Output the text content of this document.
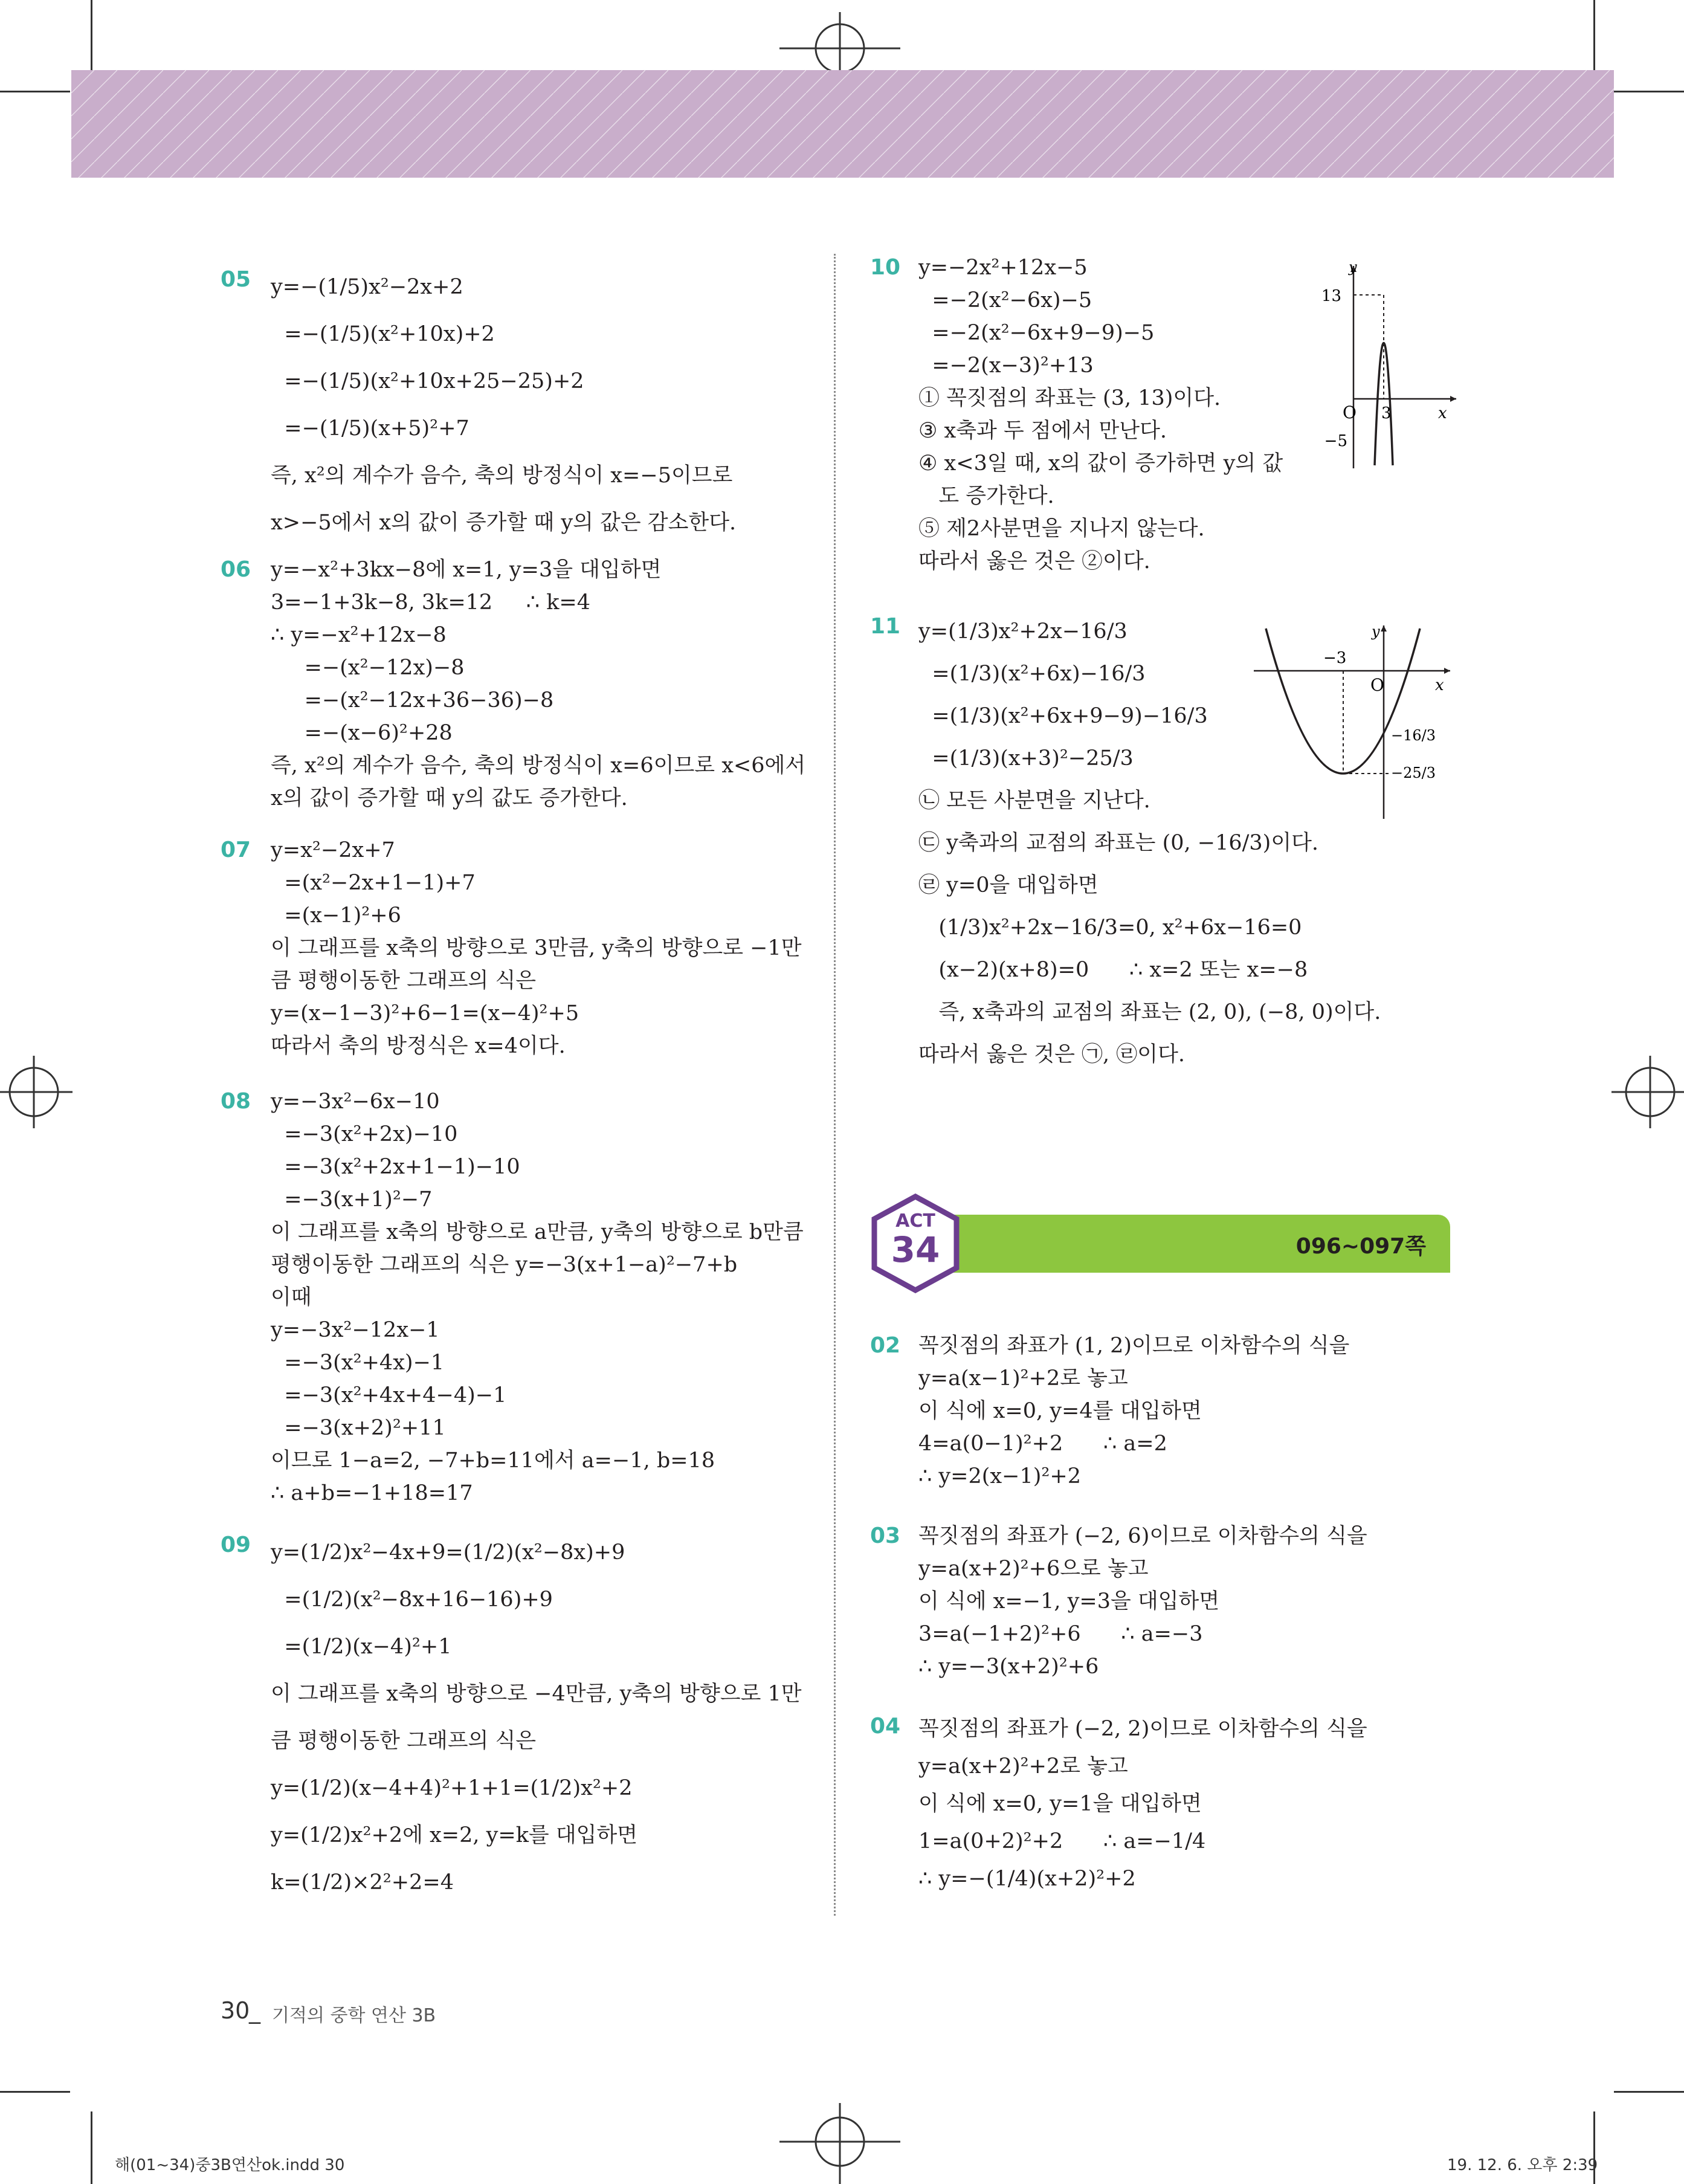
05 y=−(1/5)x²−2x+2
=−(1/5)(x²+10x)+2
=−(1/5)(x²+10x+25−25)+2
=−(1/5)(x+5)²+7
즉, x²의 계수가 음수, 축의 방정식이 x=−5이므로
x>−5에서 x의 값이 증가할 때 y의 값은 감소한다.
06 y=−x²+3kx−8에 x=1, y=3을 대입하면
3=−1+3k−8, 3k=12     ∴ k=4
∴ y=−x²+12x−8
=−(x²−12x)−8
=−(x²−12x+36−36)−8
=−(x−6)²+28
즉, x²의 계수가 음수, 축의 방정식이 x=6이므로 x<6에서
x의 값이 증가할 때 y의 값도 증가한다.
07 y=x²−2x+7
=(x²−2x+1−1)+7
=(x−1)²+6
이 그래프를 x축의 방향으로 3만큼, y축의 방향으로 −1만
큼 평행이동한 그래프의 식은
y=(x−1−3)²+6−1=(x−4)²+5
따라서 축의 방정식은 x=4이다.
08 y=−3x²−6x−10
=−3(x²+2x)−10
=−3(x²+2x+1−1)−10
=−3(x+1)²−7
이 그래프를 x축의 방향으로 a만큼, y축의 방향으로 b만큼
평행이동한 그래프의 식은 y=−3(x+1−a)²−7+b
이때
y=−3x²−12x−1
=−3(x²+4x)−1
=−3(x²+4x+4−4)−1
=−3(x+2)²+11
이므로 1−a=2, −7+b=11에서 a=−1, b=18
∴ a+b=−1+18=17
09 y=(1/2)x²−4x+9=(1/2)(x²−8x)+9
=(1/2)(x²−8x+16−16)+9
=(1/2)(x−4)²+1
이 그래프를 x축의 방향으로 −4만큼, y축의 방향으로 1만
큼 평행이동한 그래프의 식은
y=(1/2)(x−4+4)²+1+1=(1/2)x²+2
y=(1/2)x²+2에 x=2, y=k를 대입하면
k=(1/2)×2²+2=4
10 y=−2x²+12x−5
=−2(x²−6x)−5
=−2(x²−6x+9−9)−5
=−2(x−3)²+13
① 꼭짓점의 좌표는 (3, 13)이다.
③ x축과 두 점에서 만난다.
④ x<3일 때, x의 값이 증가하면 y의 값
도 증가한다.
⑤ 제2사분면을 지나지 않는다.
따라서 옳은 것은 ②이다.
11 y=(1/3)x²+2x−16/3
=(1/3)(x²+6x)−16/3
=(1/3)(x²+6x+9−9)−16/3
=(1/3)(x+3)²−25/3
㉡ 모든 사분면을 지난다.
㉢ y축과의 교점의 좌표는 (0, −16/3)이다.
㉣ y=0을 대입하면
(1/3)x²+2x−16/3=0, x²+6x−16=0
(x−2)(x+8)=0      ∴ x=2 또는 x=−8
즉, x축과의 교점의 좌표는 (2, 0), (−8, 0)이다.
따라서 옳은 것은 ㉠, ㉣이다.
02 꼭짓점의 좌표가 (1, 2)이므로 이차함수의 식을
y=a(x−1)²+2로 놓고
이 식에 x=0, y=4를 대입하면
4=a(0−1)²+2      ∴ a=2
∴ y=2(x−1)²+2
03 꼭짓점의 좌표가 (−2, 6)이므로 이차함수의 식을
y=a(x+2)²+6으로 놓고
이 식에 x=−1, y=3을 대입하면
3=a(−1+2)²+6      ∴ a=−3
∴ y=−3(x+2)²+6
04 꼭짓점의 좌표가 (−2, 2)이므로 이차함수의 식을
y=a(x+2)²+2로 놓고
이 식에 x=0, y=1을 대입하면
1=a(0+2)²+2      ∴ a=−1/4
∴ y=−(1/4)(x+2)²+2
y
x
O
13
−5
3
y
x
O
−3
−16/3
−25/3
096~097쪽
ACT
34
30
_ 기적의 중학 연산 3B
해(01~34)중3B연산ok.indd 30	19. 12. 6. 오후 2:39
